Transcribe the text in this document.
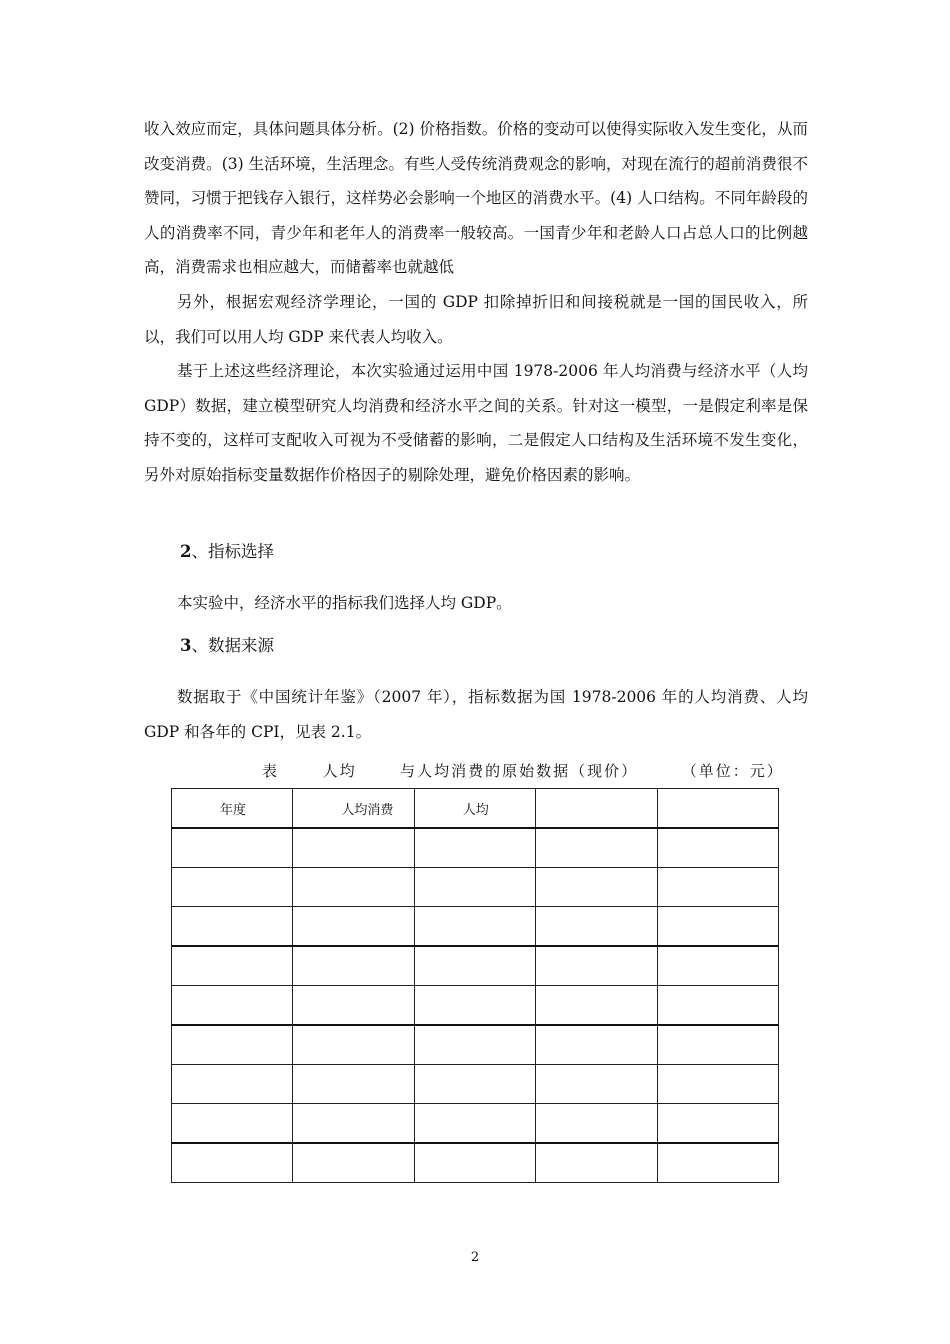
收入效应而定，具体问题具体分析。(2) 价格指数。价格的变动可以使得实际收入发生变化，从而改变消费。(3) 生活环境，生活理念。有些人受传统消费观念的影响，对现在流行的超前消费很不赞同，习惯于把钱存入银行，这样势必会影响一个地区的消费水平。(4) 人口结构。不同年龄段的人的消费率不同，青少年和老年人的消费率一般较高。一国青少年和老龄人口占总人口的比例越高，消费需求也相应越大，而储蓄率也就越低

另外，根据宏观经济学理论，一国的 GDP 扣除掉折旧和间接税就是一国的国民收入，所以，我们可以用人均 GDP 来代表人均收入。

基于上述这些经济理论，本次实验通过运用中国 1978-2006 年人均消费与经济水平（人均 GDP）数据，建立模型研究人均消费和经济水平之间的关系。针对这一模型，一是假定利率是保持不变的，这样可支配收入可视为不受储蓄的影响，二是假定人口结构及生活环境不发生变化，另外对原始指标变量数据作价格因子的剔除处理，避免价格因素的影响。

2、指标选择

本实验中，经济水平的指标我们选择人均 GDP。

3、数据来源

数据取于《中国统计年鉴》（2007 年），指标数据为国 1978-2006 年的人均消费、人均 GDP 和各年的 CPI，见表 2.1。

表	人均	与人均消费的原始数据（现价）	（单位：元）
年度	人均消费	人均		

2
